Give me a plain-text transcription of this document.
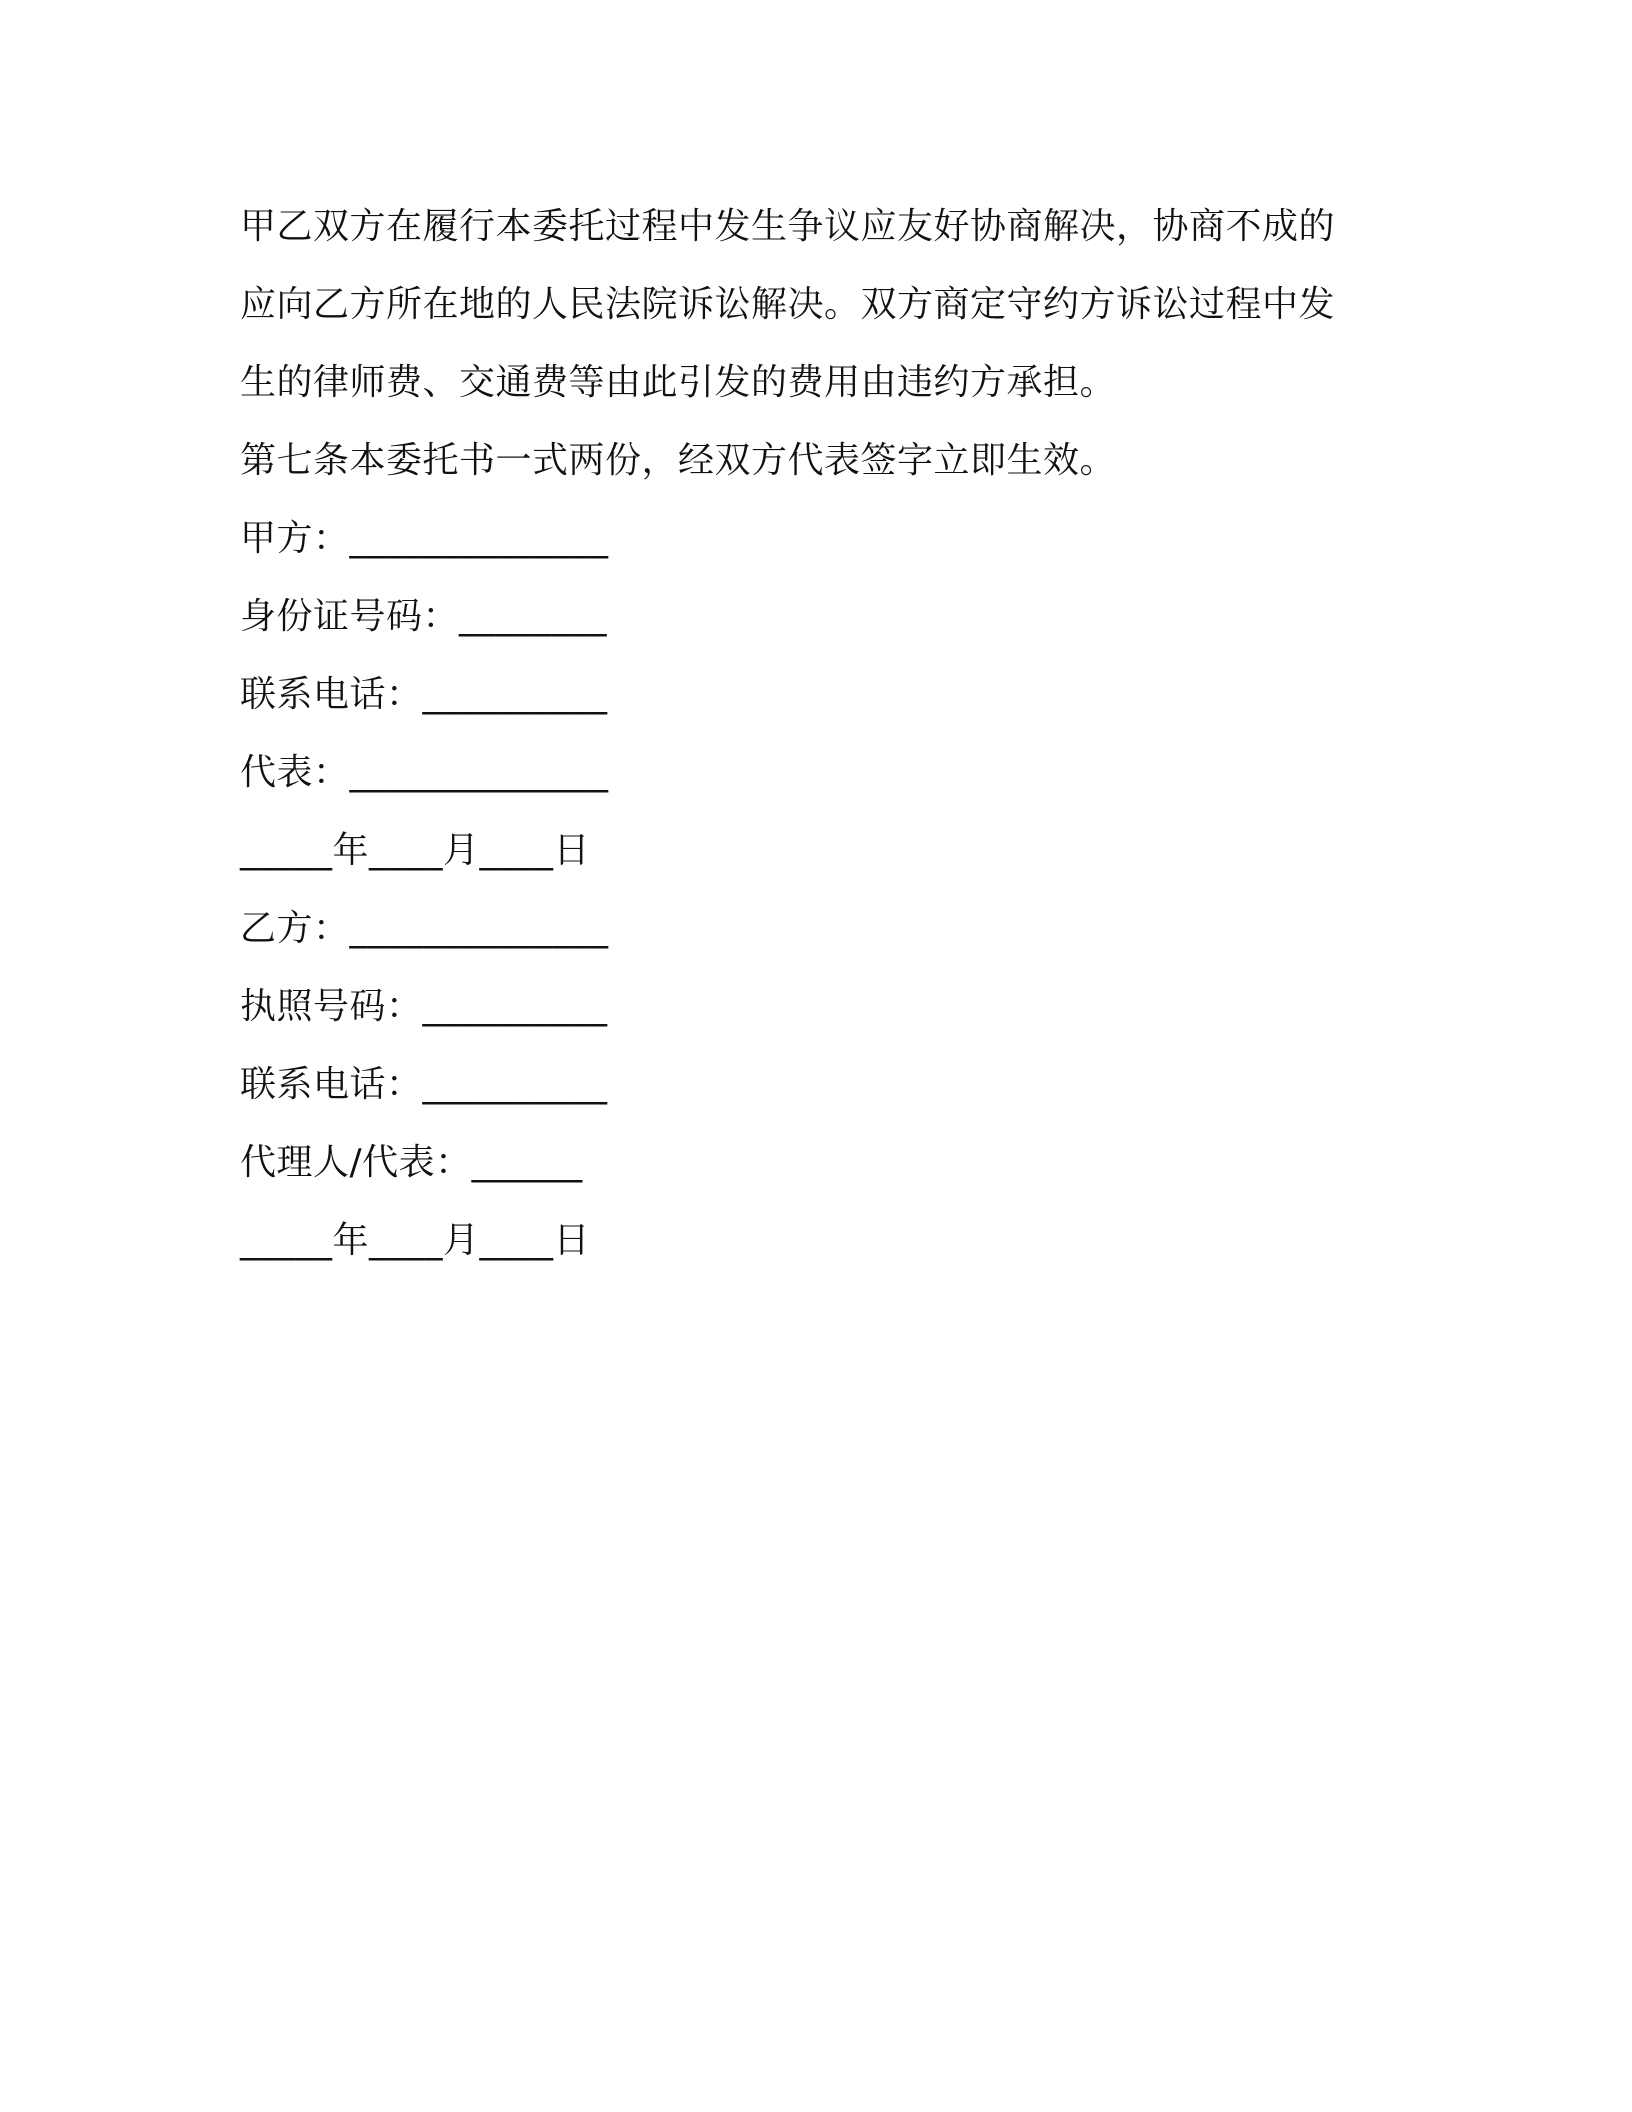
甲乙双方在履行本委托过程中发生争议应友好协商解决，协商不成的应向乙方所在地的人民法院诉讼解决。双方商定守约方诉讼过程中发生的律师费、交通费等由此引发的费用由违约方承担。

第七条本委托书一式两份，经双方代表签字立即生效。

甲方：______________

身份证号码：________

联系电话：__________

代表：______________

_____年____月____日

乙方：______________

执照号码：__________

联系电话：__________

代理人/代表：______

_____年____月____日
